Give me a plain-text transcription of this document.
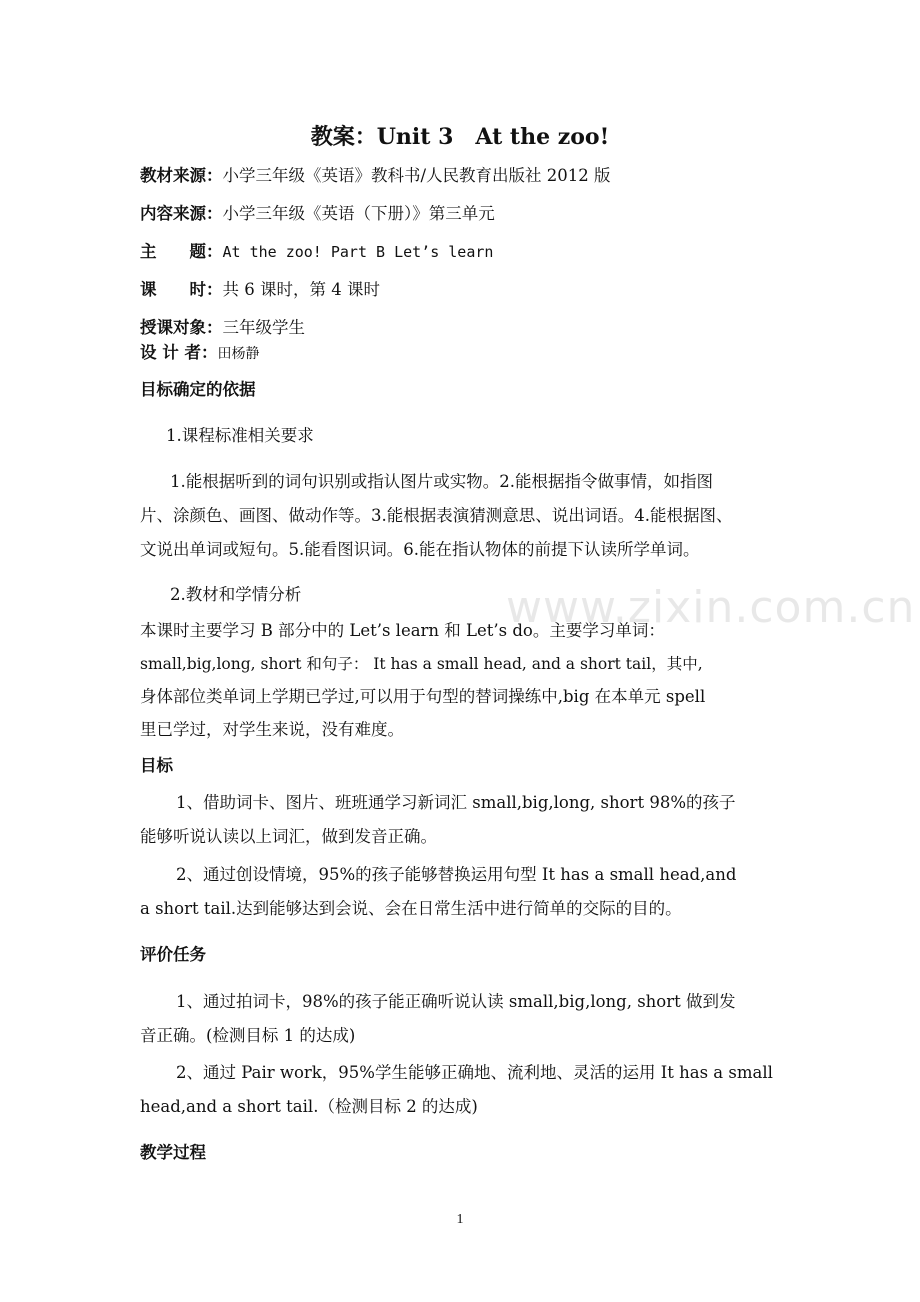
www.zixin.com.cn
教案：Unit 3　At the zoo!
教材来源：小学三年级《英语》教科书/人民教育出版社 2012 版
内容来源：小学三年级《英语（下册）》第三单元
主　　题：At the zoo! Part B Let’s learn
课　　时：共 6 课时，第 4 课时
授课对象：三年级学生
设 计 者：田杨静
目标确定的依据
1.课程标准相关要求
1.能根据听到的词句识别或指认图片或实物。2.能根据指令做事情，如指图
片、涂颜色、画图、做动作等。3.能根据表演猜测意思、说出词语。4.能根据图、
文说出单词或短句。5.能看图识词。6.能在指认物体的前提下认读所学单词。
2.教材和学情分析
本课时主要学习 B 部分中的 Let’s learn 和 Let’s do。主要学习单词：
small,big,long, short 和句子： It has a small head, and a short tail，其中,
身体部位类单词上学期已学过,可以用于句型的替词操练中,big 在本单元 spell
里已学过，对学生来说，没有难度。
目标
1、借助词卡、图片、班班通学习新词汇 small,big,long, short 98%的孩子
能够听说认读以上词汇，做到发音正确。
2、通过创设情境，95%的孩子能够替换运用句型 It has a small head,and
a short tail.达到能够达到会说、会在日常生活中进行简单的交际的目的。
评价任务
1、通过拍词卡，98%的孩子能正确听说认读 small,big,long, short 做到发
音正确。(检测目标 1 的达成)
2、通过 Pair work，95%学生能够正确地、流利地、灵活的运用 It has a small
head,and a short tail.（检测目标 2 的达成)
教学过程
1
